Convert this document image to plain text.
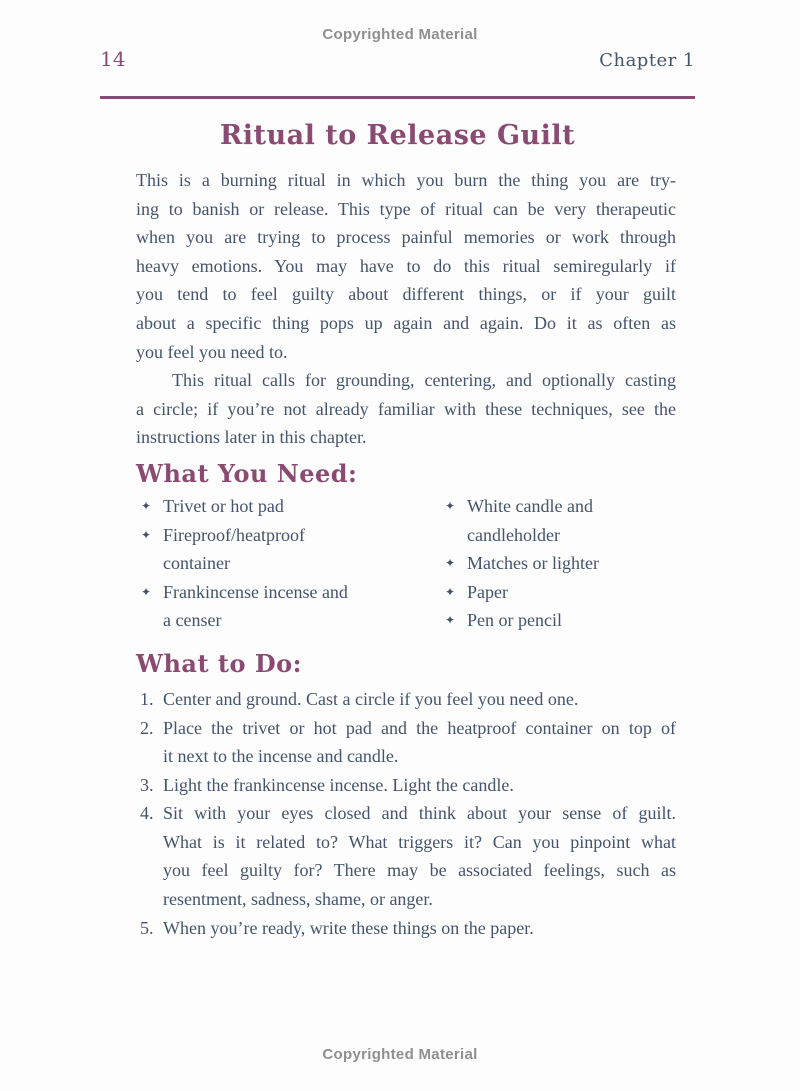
Copyrighted Material
14	Chapter 1
Ritual to Release Guilt
This is a burning ritual in which you burn the thing you are try-
ing to banish or release. This type of ritual can be very therapeutic
when you are trying to process painful memories or work through
heavy emotions. You may have to do this ritual semiregularly if
you tend to feel guilty about different things, or if your guilt
about a specific thing pops up again and again. Do it as often as
you feel you need to.
This ritual calls for grounding, centering, and optionally casting
a circle; if you’re not already familiar with these techniques, see the
instructions later in this chapter.
What You Need:
✦ Trivet or hot pad
✦ Fireproof/heatproof
container
✦ Frankincense incense and
a censer
✦ White candle and
candleholder
✦ Matches or lighter
✦ Paper
✦ Pen or pencil
What to Do:
1. Center and ground. Cast a circle if you feel you need one.
2. Place the trivet or hot pad and the heatproof container on top of
it next to the incense and candle.
3. Light the frankincense incense. Light the candle.
4. Sit with your eyes closed and think about your sense of guilt.
What is it related to? What triggers it? Can you pinpoint what
you feel guilty for? There may be associated feelings, such as
resentment, sadness, shame, or anger.
5. When you’re ready, write these things on the paper.
Copyrighted Material
